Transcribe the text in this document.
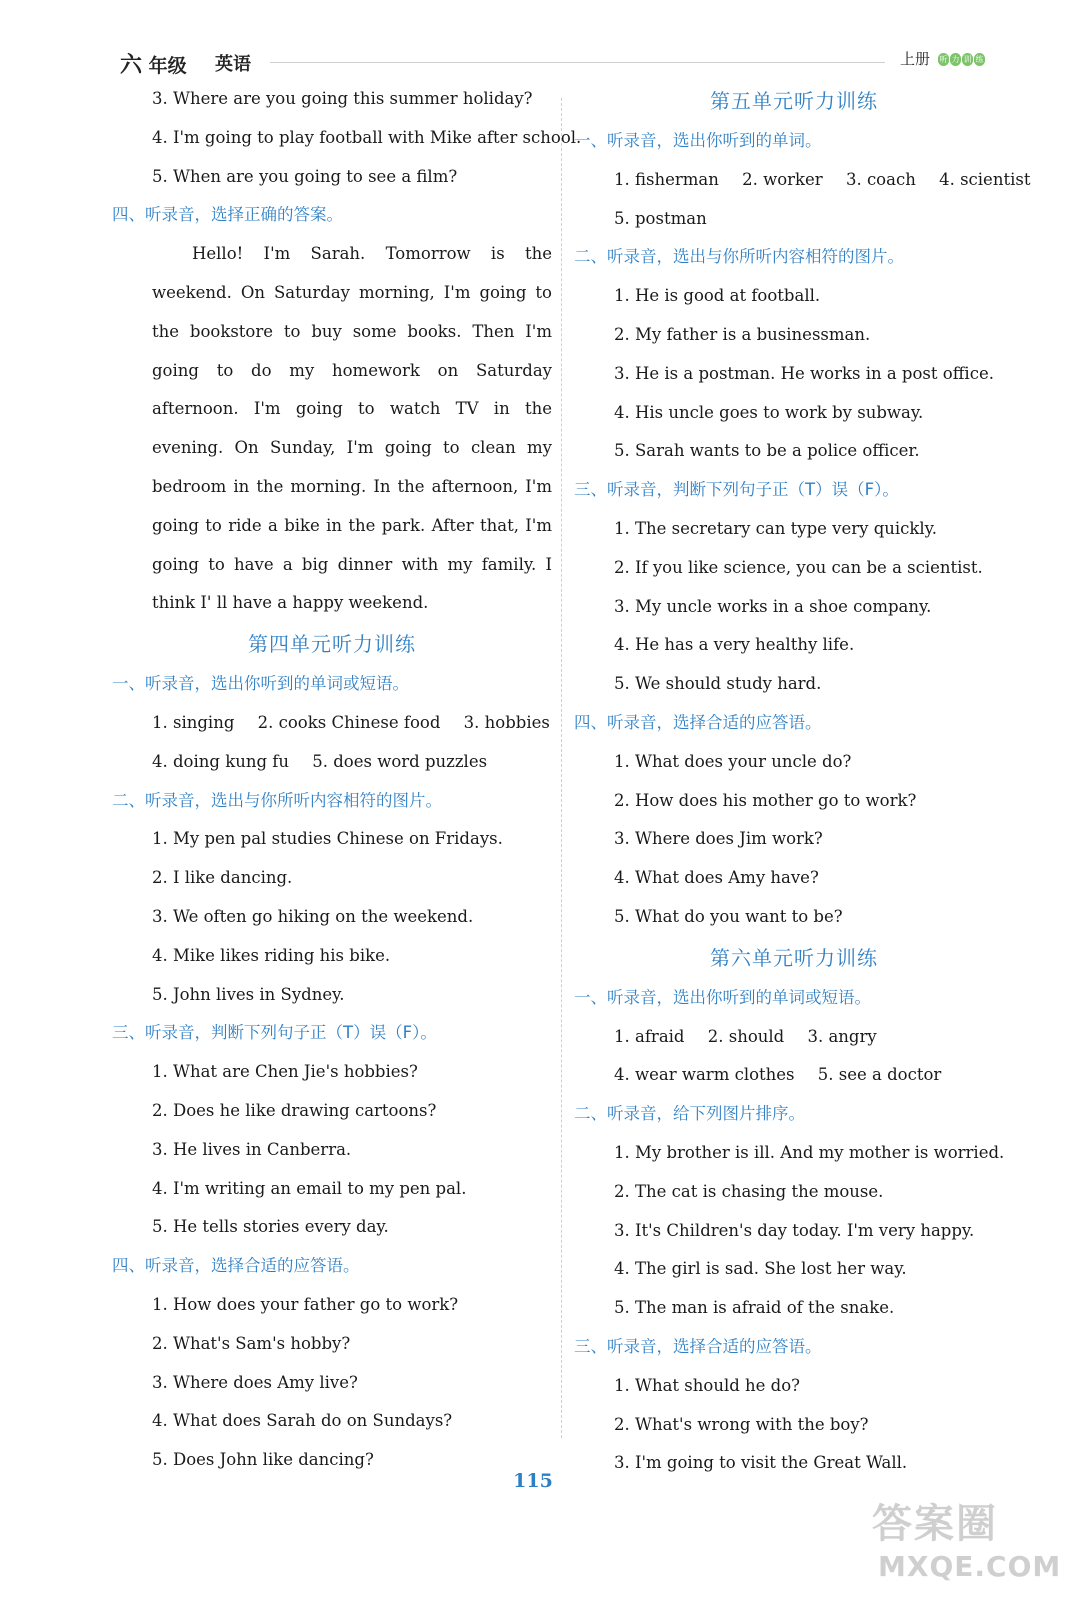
六 年级 英语	上册 听 力 训 练
3. Where are you going this summer holiday?
4. I'm going to play football with Mike after school.
5. When are you going to see a film?
四、听录音，选择正确的答案。
Hello! I'm Sarah. Tomorrow is the weekend. On Saturday morning, I'm going to the bookstore to buy some books. Then I'm going to do my homework on Saturday afternoon. I'm going to watch TV in the evening. On Sunday, I'm going to clean my bedroom in the morning. In the afternoon, I'm going to ride a bike in the park. After that, I'm going to have a big dinner with my family. I think I' ll have a happy weekend.
第四单元听力训练
一、听录音，选出你听到的单词或短语。
1. singing 2. cooks Chinese food 3. hobbies
4. doing kung fu 5. does word puzzles
二、听录音，选出与你所听内容相符的图片。
1. My pen pal studies Chinese on Fridays.
2. I like dancing.
3. We often go hiking on the weekend.
4. Mike likes riding his bike.
5. John lives in Sydney.
三、听录音，判断下列句子正（T）误（F）。
1. What are Chen Jie's hobbies?
2. Does he like drawing cartoons?
3. He lives in Canberra.
4. I'm writing an email to my pen pal.
5. He tells stories every day.
四、听录音，选择合适的应答语。
1. How does your father go to work?
2. What's Sam's hobby?
3. Where does Amy live?
4. What does Sarah do on Sundays?
5. Does John like dancing?
第五单元听力训练
一、听录音，选出你听到的单词。
1. fisherman 2. worker 3. coach 4. scientist
5. postman
二、听录音，选出与你所听内容相符的图片。
1. He is good at football.
2. My father is a businessman.
3. He is a postman. He works in a post office.
4. His uncle goes to work by subway.
5. Sarah wants to be a police officer.
三、听录音，判断下列句子正（T）误（F）。
1. The secretary can type very quickly.
2. If you like science, you can be a scientist.
3. My uncle works in a shoe company.
4. He has a very healthy life.
5. We should study hard.
四、听录音，选择合适的应答语。
1. What does your uncle do?
2. How does his mother go to work?
3. Where does Jim work?
4. What does Amy have?
5. What do you want to be?
第六单元听力训练
一、听录音，选出你听到的单词或短语。
1. afraid 2. should 3. angry
4. wear warm clothes 5. see a doctor
二、听录音，给下列图片排序。
1. My brother is ill. And my mother is worried.
2. The cat is chasing the mouse.
3. It's Children's day today. I'm very happy.
4. The girl is sad. She lost her way.
5. The man is afraid of the snake.
三、听录音，选择合适的应答语。
1. What should he do?
2. What's wrong with the boy?
3. I'm going to visit the Great Wall.
115
答案圈
MXQE.COM
